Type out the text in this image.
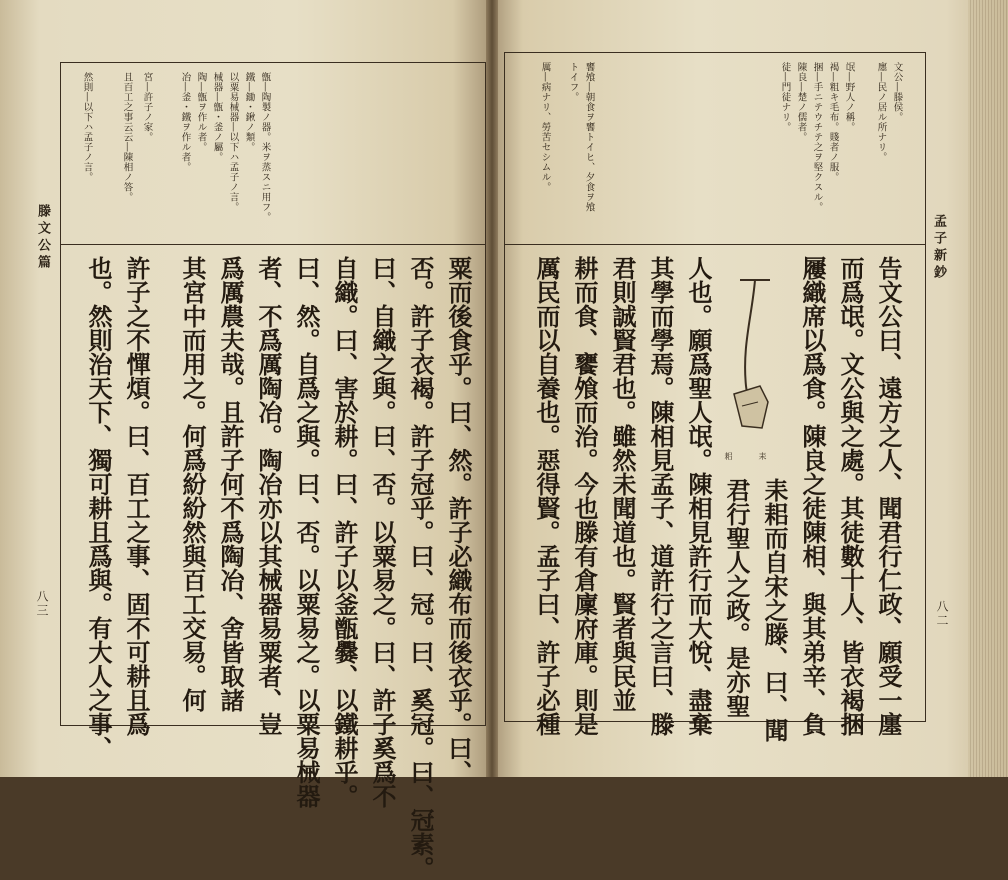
滕文公篇
八三
甑―陶製ノ器。米ヲ蒸スニ用フ。
鐵―鋤・鍬ノ類。
以粟易械器―以下ハ孟子ノ言。
械器―甑・釜ノ屬。
陶―甑ヲ作ル者。
冶―釜・鐵ヲ作ル者。
宮―許子ノ家。
且百工之事云云―陳相ノ答。
然則―以下ハ孟子ノ言。
粟而後食乎。曰、然。許子必織布而後衣乎。曰、
否。許子衣褐。許子冠乎。曰、冠。曰、奚冠。曰、冠素。
曰、自織之與。曰、否。以粟易之。曰、許子奚爲不
自織。曰、害於耕。曰、許子以釜甑爨、以鐵耕乎。
曰、然。自爲之與。曰、否。以粟易之。以粟易械器
者、不爲厲陶冶。陶冶亦以其械器易粟者、豈
爲厲農夫哉。且許子何不爲陶冶、舍皆取諸
其宮中而用之。何爲紛紛然與百工交易。何
許子之不憚煩。曰、百工之事、固不可耕且爲
也。然則治天下、獨可耕且爲與。有大人之事、
孟子新鈔
八二
文公―滕侯。
廛―民ノ居ル所ナリ。
氓―野人ノ稱。
褐―粗キ毛布。賤者ノ服。
捆―手ニテウチテ之ヲ堅クスル。
陳良―楚ノ儒者。
徒―門徒ナリ。
饔飧―朝食ヲ饔トイヒ、夕食ヲ飧
トイフ。
厲―病ナリ、勞苦セシムル。
告文公曰、遠方之人、聞君行仁政、願受一廛
而爲氓。文公與之處。其徒數十人、皆衣褐捆
屨織席以爲食。陳良之徒陳相、與其弟辛、負
耒耜而自宋之滕、曰、聞
君行聖人之政。是亦聖
人也。願爲聖人氓。陳相見許行而大悅、盡棄
其學而學焉。陳相見孟子、道許行之言曰、滕
君則誠賢君也。雖然未聞道也。賢者與民並
耕而食、饔飧而治。今也滕有倉廩府庫。則是
厲民而以自養也。惡得賢。孟子曰、許子必種	耒
耜
